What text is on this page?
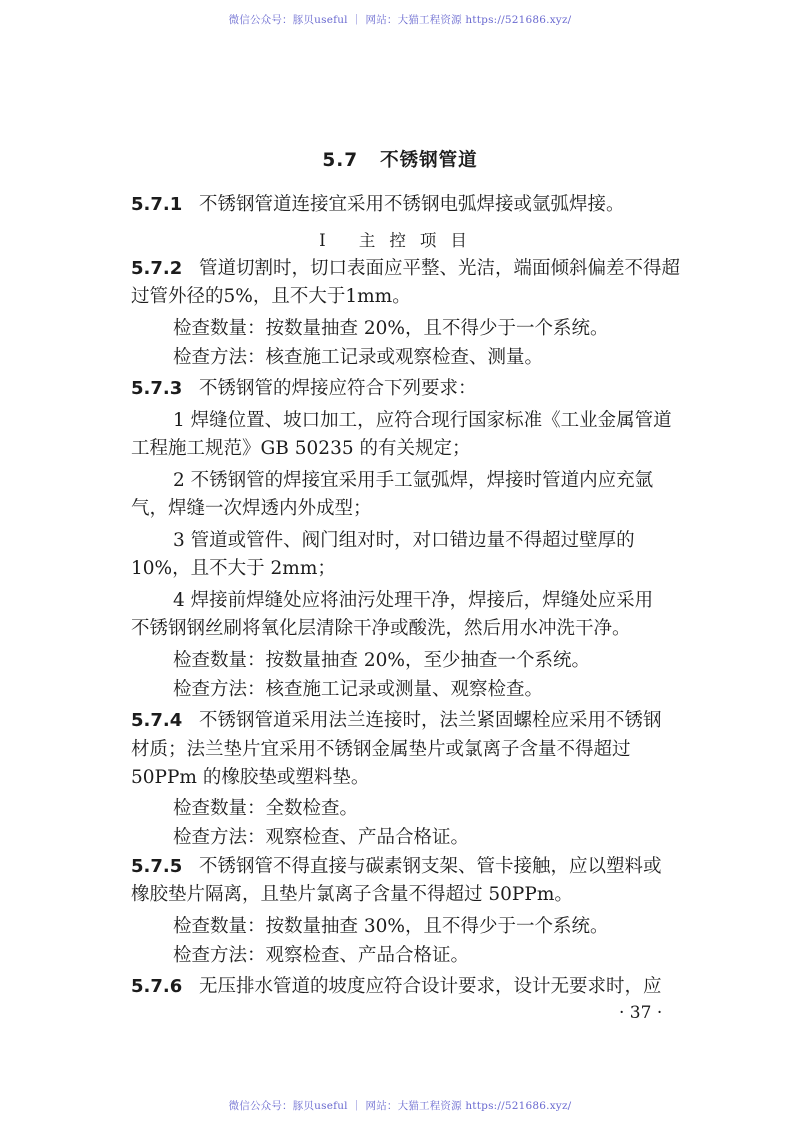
微信公众号：豚贝useful ｜ 网站：大猫工程资源 https://521686.xyz/
5.7 不锈钢管道
5.7.1 不锈钢管道连接宜采用不锈钢电弧焊接或氩弧焊接。
Ⅰ 主控项目
5.7.2 管道切割时，切口表面应平整、光洁，端面倾斜偏差不得超
过管外径的5%，且不大于1mm。
检查数量：按数量抽查 20%，且不得少于一个系统。
检查方法：核查施工记录或观察检查、测量。
5.7.3 不锈钢管的焊接应符合下列要求：
1 焊缝位置、坡口加工，应符合现行国家标准《工业金属管道
工程施工规范》GB 50235 的有关规定；
2 不锈钢管的焊接宜采用手工氩弧焊，焊接时管道内应充氩
气，焊缝一次焊透内外成型；
3 管道或管件、阀门组对时，对口错边量不得超过壁厚的
10%，且不大于 2mm；
4 焊接前焊缝处应将油污处理干净，焊接后，焊缝处应采用
不锈钢钢丝刷将氧化层清除干净或酸洗，然后用水冲洗干净。
检查数量：按数量抽查 20%，至少抽查一个系统。
检查方法：核查施工记录或测量、观察检查。
5.7.4 不锈钢管道采用法兰连接时，法兰紧固螺栓应采用不锈钢
材质；法兰垫片宜采用不锈钢金属垫片或氯离子含量不得超过
50PPm 的橡胶垫或塑料垫。
检查数量：全数检查。
检查方法：观察检查、产品合格证。
5.7.5 不锈钢管不得直接与碳素钢支架、管卡接触，应以塑料或
橡胶垫片隔离，且垫片氯离子含量不得超过 50PPm。
检查数量：按数量抽查 30%，且不得少于一个系统。
检查方法：观察检查、产品合格证。
5.7.6 无压排水管道的坡度应符合设计要求，设计无要求时，应
· 37 ·
微信公众号：豚贝useful ｜ 网站：大猫工程资源 https://521686.xyz/
